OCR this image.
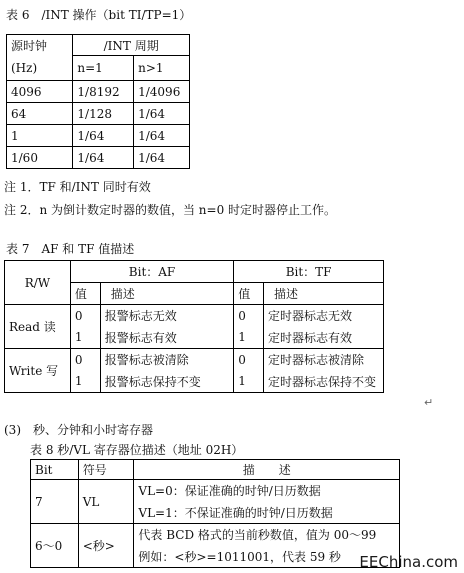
表 6　/INT 操作（bit TI/TP=1）
源时钟	/INT 周期	
(Hz)	n=1	n>1
4096	1/8192	1/4096
64	1/128	1/64
1	1/64	1/64
1/60	1/64	1/64
注 1．TF 和/INT 同时有效
注 2．n 为倒计数定时器的数值，当 n=0 时定时器停止工作。
表 7　AF 和 TF 值描述
R/W	Bit：AF		Bit：TF	
	值	描述	值	描述
Read 读	0	报警标志无效	0	定时器标志无效
	1	报警标志有效	1	定时器标志有效
Write 写	0	报警标志被清除	0	定时器标志被清除
	1	报警标志保持不变	1	定时器标志保持不变
(3)　秒、分钟和小时寄存器
↵
表 8 秒/VL 寄存器位描述（地址 02H）
Bit	符号	描　　述
7	VL	VL=0：保证准确的时钟/日历数据
		VL=1：不保证准确的时钟/日历数据
6～0	<秒>	代表 BCD 格式的当前秒数值，值为 00～99
		例如：<秒>=1011001，代表 59 秒 EEChina.com
